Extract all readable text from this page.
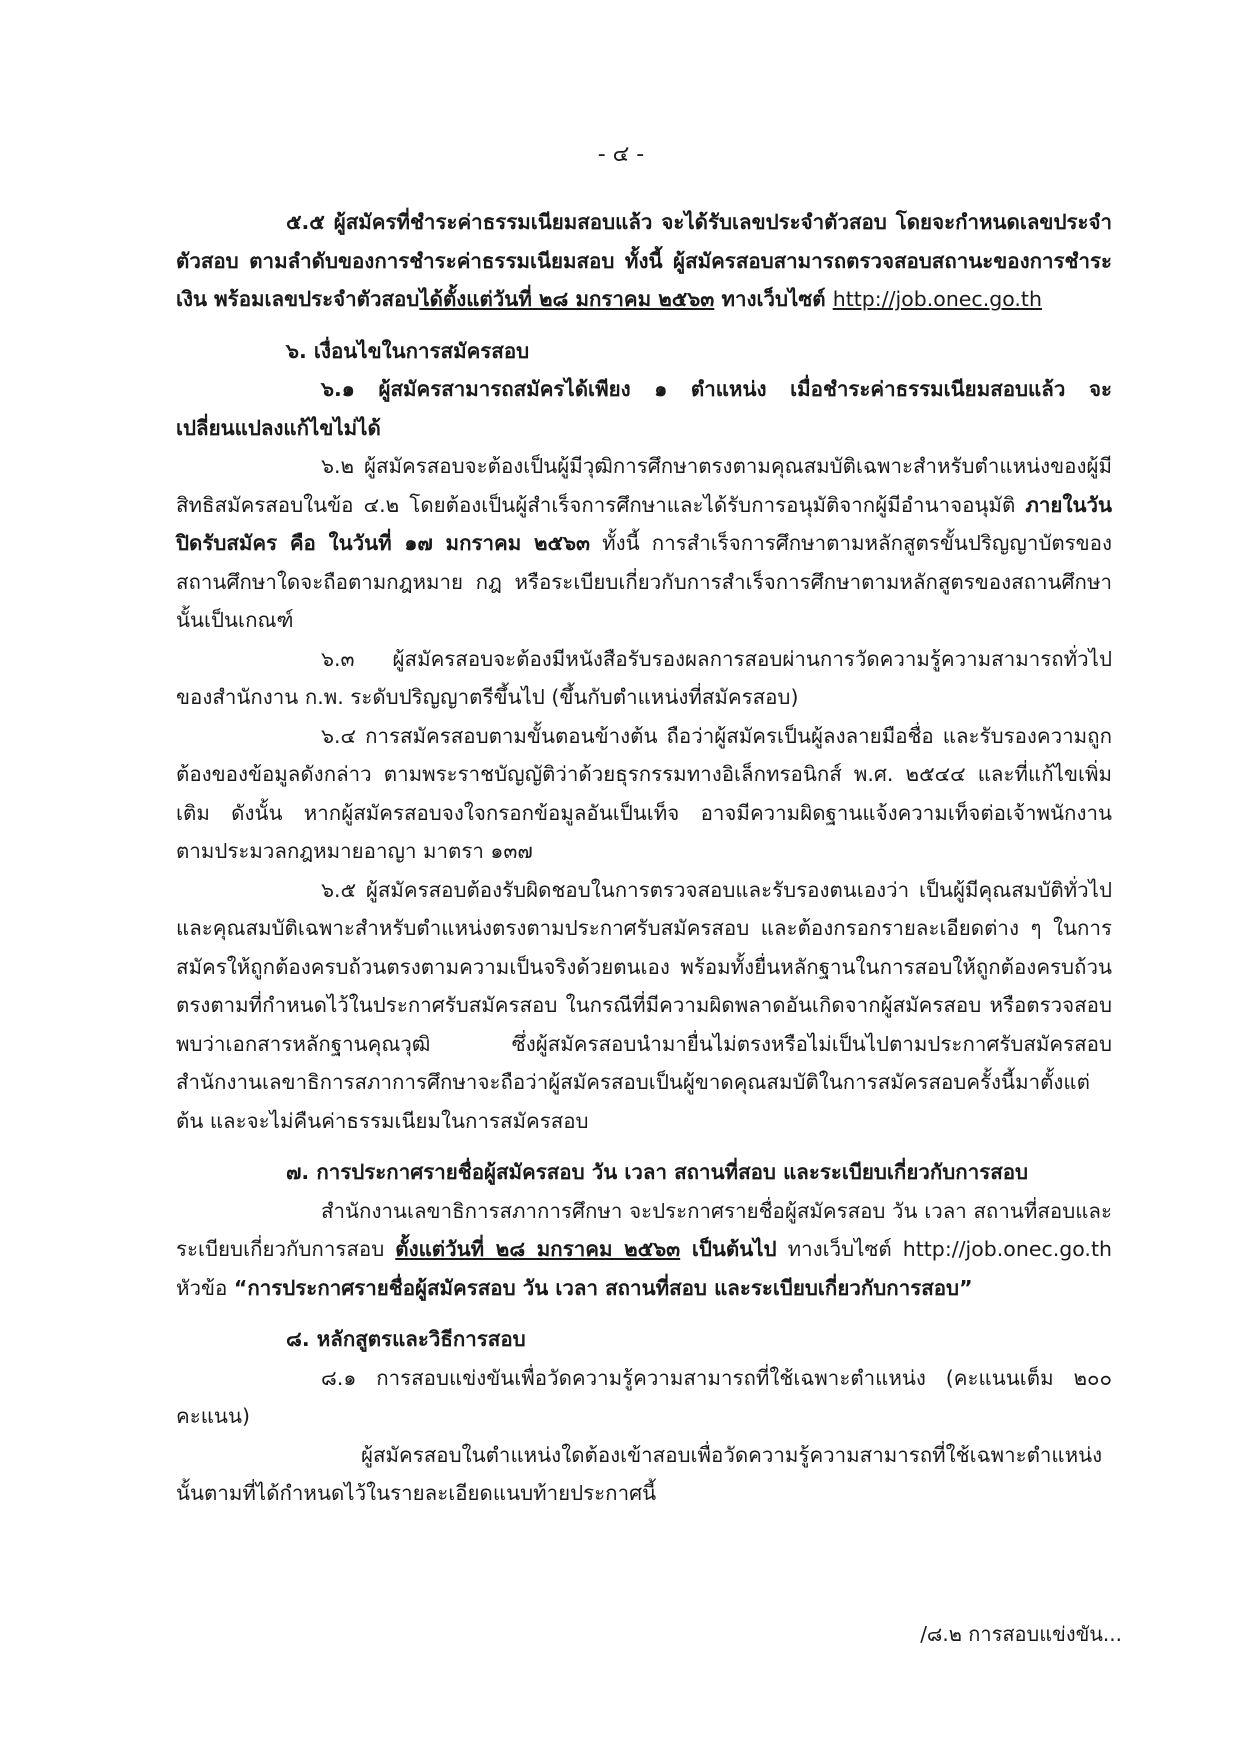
- ๔ -

๕.๕ ผู้สมัครที่ชำระค่าธรรมเนียมสอบแล้ว จะได้รับเลขประจำตัวสอบ โดยจะกำหนดเลขประจำตัวสอบ ตามลำดับของการชำระค่าธรรมเนียมสอบ ทั้งนี้ ผู้สมัครสอบสามารถตรวจสอบสถานะของการชำระเงิน พร้อมเลขประจำตัวสอบได้ตั้งแต่วันที่ ๒๘ มกราคม ๒๕๖๓ ทางเว็บไซต์ http://job.onec.go.th

๖. เงื่อนไขในการสมัครสอบ

๖.๑ ผู้สมัครสามารถสมัครได้เพียง ๑ ตำแหน่ง เมื่อชำระค่าธรรมเนียมสอบแล้ว จะเปลี่ยนแปลงแก้ไขไม่ได้

๖.๒ ผู้สมัครสอบจะต้องเป็นผู้มีวุฒิการศึกษาตรงตามคุณสมบัติเฉพาะสำหรับตำแหน่งของผู้มีสิทธิสมัครสอบในข้อ ๔.๒ โดยต้องเป็นผู้สำเร็จการศึกษาและได้รับการอนุมัติจากผู้มีอำนาจอนุมัติ ภายในวันปิดรับสมัคร คือ ในวันที่ ๑๗ มกราคม ๒๕๖๓ ทั้งนี้ การสำเร็จการศึกษาตามหลักสูตรขั้นปริญญาบัตรของสถานศึกษาใดจะถือตามกฎหมาย กฎ หรือระเบียบเกี่ยวกับการสำเร็จการศึกษาตามหลักสูตรของสถานศึกษานั้นเป็นเกณฑ์

๖.๓ ผู้สมัครสอบจะต้องมีหนังสือรับรองผลการสอบผ่านการวัดความรู้ความสามารถทั่วไปของสำนักงาน ก.พ. ระดับปริญญาตรีขึ้นไป (ขึ้นกับตำแหน่งที่สมัครสอบ)

๖.๔ การสมัครสอบตามขั้นตอนข้างต้น ถือว่าผู้สมัครเป็นผู้ลงลายมือชื่อ และรับรองความถูกต้องของข้อมูลดังกล่าว ตามพระราชบัญญัติว่าด้วยธุรกรรมทางอิเล็กทรอนิกส์ พ.ศ. ๒๕๔๔ และที่แก้ไขเพิ่มเติม ดังนั้น หากผู้สมัครสอบจงใจกรอกข้อมูลอันเป็นเท็จ อาจมีความผิดฐานแจ้งความเท็จต่อเจ้าพนักงาน ตามประมวลกฎหมายอาญา มาตรา ๑๓๗

๖.๕ ผู้สมัครสอบต้องรับผิดชอบในการตรวจสอบและรับรองตนเองว่า เป็นผู้มีคุณสมบัติทั่วไปและคุณสมบัติเฉพาะสำหรับตำแหน่งตรงตามประกาศรับสมัครสอบ และต้องกรอกรายละเอียดต่าง ๆ ในการสมัครให้ถูกต้องครบถ้วนตรงตามความเป็นจริงด้วยตนเอง พร้อมทั้งยื่นหลักฐานในการสอบให้ถูกต้องครบถ้วนตรงตามที่กำหนดไว้ในประกาศรับสมัครสอบ ในกรณีที่มีความผิดพลาดอันเกิดจากผู้สมัครสอบ หรือตรวจสอบพบว่าเอกสารหลักฐานคุณวุฒิ ซึ่งผู้สมัครสอบนำมายื่นไม่ตรงหรือไม่เป็นไปตามประกาศรับสมัครสอบ สำนักงานเลขาธิการสภาการศึกษาจะถือว่าผู้สมัครสอบเป็นผู้ขาดคุณสมบัติในการสมัครสอบครั้งนี้มาตั้งแต่ต้น และจะไม่คืนค่าธรรมเนียมในการสมัครสอบ

๗. การประกาศรายชื่อผู้สมัครสอบ วัน เวลา สถานที่สอบ และระเบียบเกี่ยวกับการสอบ

สำนักงานเลขาธิการสภาการศึกษา จะประกาศรายชื่อผู้สมัครสอบ วัน เวลา สถานที่สอบและระเบียบเกี่ยวกับการสอบ ตั้งแต่วันที่ ๒๘ มกราคม ๒๕๖๓ เป็นต้นไป ทางเว็บไซต์ http://job.onec.go.th หัวข้อ “การประกาศรายชื่อผู้สมัครสอบ วัน เวลา สถานที่สอบ และระเบียบเกี่ยวกับการสอบ”

๘. หลักสูตรและวิธีการสอบ

๘.๑ การสอบแข่งขันเพื่อวัดความรู้ความสามารถที่ใช้เฉพาะตำแหน่ง (คะแนนเต็ม ๒๐๐ คะแนน)

ผู้สมัครสอบในตำแหน่งใดต้องเข้าสอบเพื่อวัดความรู้ความสามารถที่ใช้เฉพาะตำแหน่งนั้นตามที่ได้กำหนดไว้ในรายละเอียดแนบท้ายประกาศนี้

/๘.๒ การสอบแข่งขัน...
